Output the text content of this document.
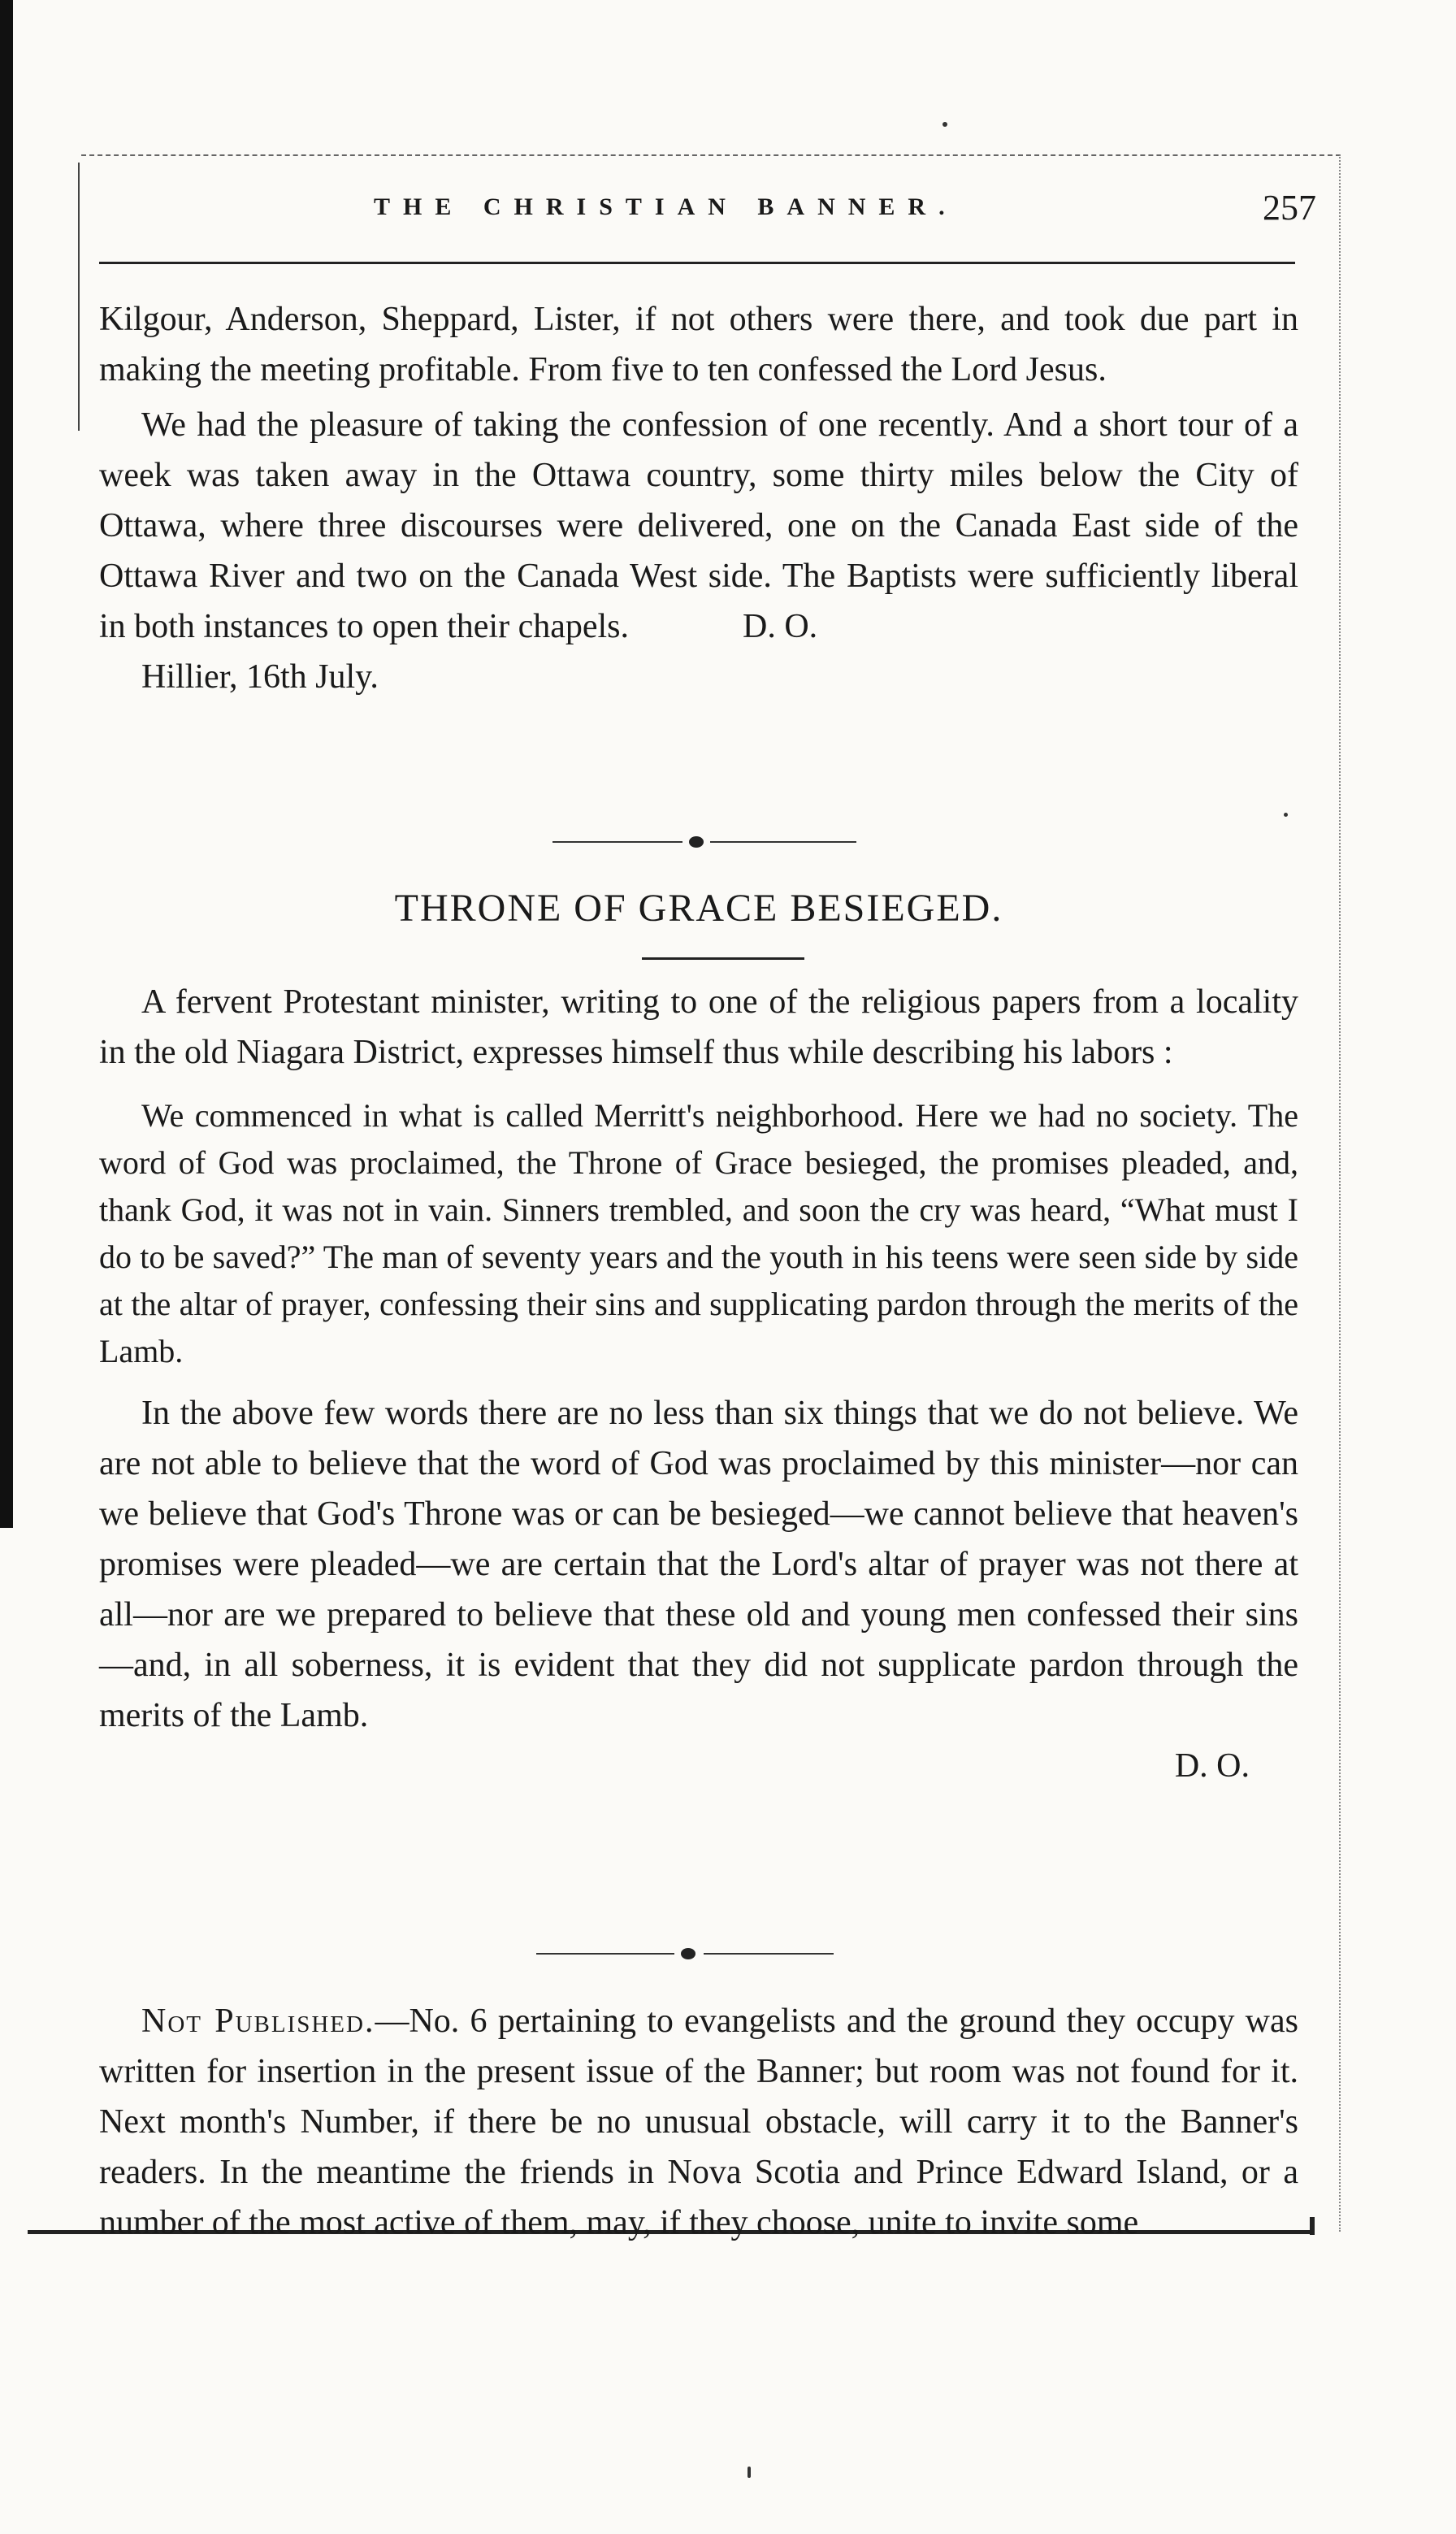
THE CHRISTIAN BANNER.	257

Kilgour, Anderson, Sheppard, Lister, if not others were there, and took due part in making the meeting profitable. From five to ten confessed the Lord Jesus.

We had the pleasure of taking the confession of one recently. And a short tour of a week was taken away in the Ottawa country, some thirty miles below the City of Ottawa, where three discourses were delivered, one on the Canada East side of the Ottawa River and two on the Canada West side. The Baptists were sufficiently liberal in both instances to open their chapels.	D. O.

Hillier, 16th July.

THRONE OF GRACE BESIEGED.

A fervent Protestant minister, writing to one of the religious papers from a locality in the old Niagara District, expresses himself thus while describing his labors :

We commenced in what is called Merritt's neighborhood. Here we had no society. The word of God was proclaimed, the Throne of Grace besieged, the promises pleaded, and, thank God, it was not in vain. Sinners trembled, and soon the cry was heard, “What must I do to be saved?” The man of seventy years and the youth in his teens were seen side by side at the altar of prayer, confessing their sins and supplicating pardon through the merits of the Lamb.

In the above few words there are no less than six things that we do not believe. We are not able to believe that the word of God was proclaimed by this minister—nor can we believe that God's Throne was or can be besieged—we cannot believe that heaven's promises were pleaded—we are certain that the Lord's altar of prayer was not there at all—nor are we prepared to believe that these old and young men confessed their sins—and, in all soberness, it is evident that they did not supplicate pardon through the merits of the Lamb.

D. O.

Not Published.—No. 6 pertaining to evangelists and the ground they occupy was written for insertion in the present issue of the Banner; but room was not found for it. Next month's Number, if there be no unusual obstacle, will carry it to the Banner's readers. In the meantime the friends in Nova Scotia and Prince Edward Island, or a number of the most active of them, may, if they choose, unite to invite some
